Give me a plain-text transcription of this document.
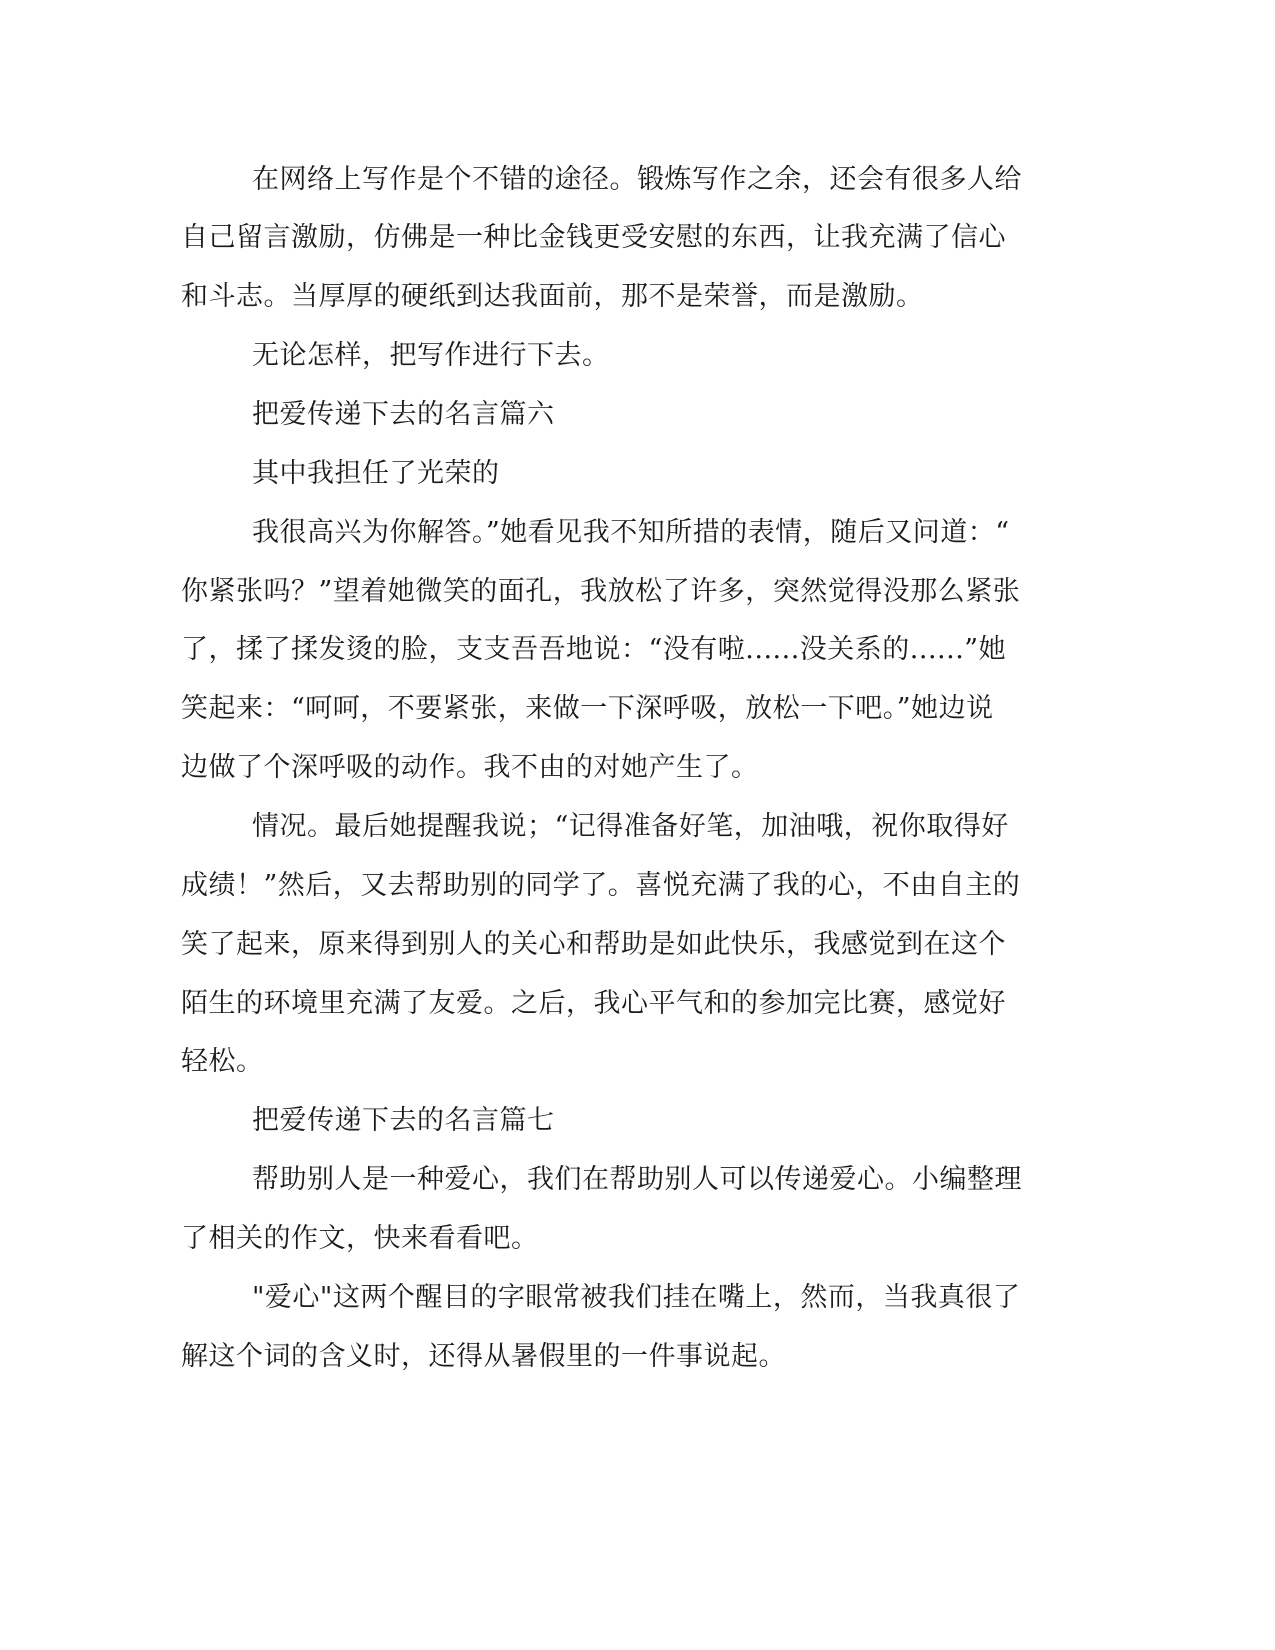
在网络上写作是个不错的途径。锻炼写作之余，还会有很多人给
自己留言激励，仿佛是一种比金钱更受安慰的东西，让我充满了信心
和斗志。当厚厚的硬纸到达我面前，那不是荣誉，而是激励。
无论怎样，把写作进行下去。
把爱传递下去的名言篇六
其中我担任了光荣的
我很高兴为你解答。”她看见我不知所措的表情，随后又问道：“
你紧张吗？”望着她微笑的面孔，我放松了许多，突然觉得没那么紧张
了，揉了揉发烫的脸，支支吾吾地说：“没有啦......没关系的......”她
笑起来：“呵呵，不要紧张，来做一下深呼吸，放松一下吧。”她边说
边做了个深呼吸的动作。我不由的对她产生了。
情况。最后她提醒我说；“记得准备好笔，加油哦，祝你取得好
成绩！”然后，又去帮助别的同学了。喜悦充满了我的心，不由自主的
笑了起来，原来得到别人的关心和帮助是如此快乐，我感觉到在这个
陌生的环境里充满了友爱。之后，我心平气和的参加完比赛，感觉好
轻松。
把爱传递下去的名言篇七
帮助别人是一种爱心，我们在帮助别人可以传递爱心。小编整理
了相关的作文，快来看看吧。
"爱心"这两个醒目的字眼常被我们挂在嘴上，然而，当我真很了
解这个词的含义时，还得从暑假里的一件事说起。
